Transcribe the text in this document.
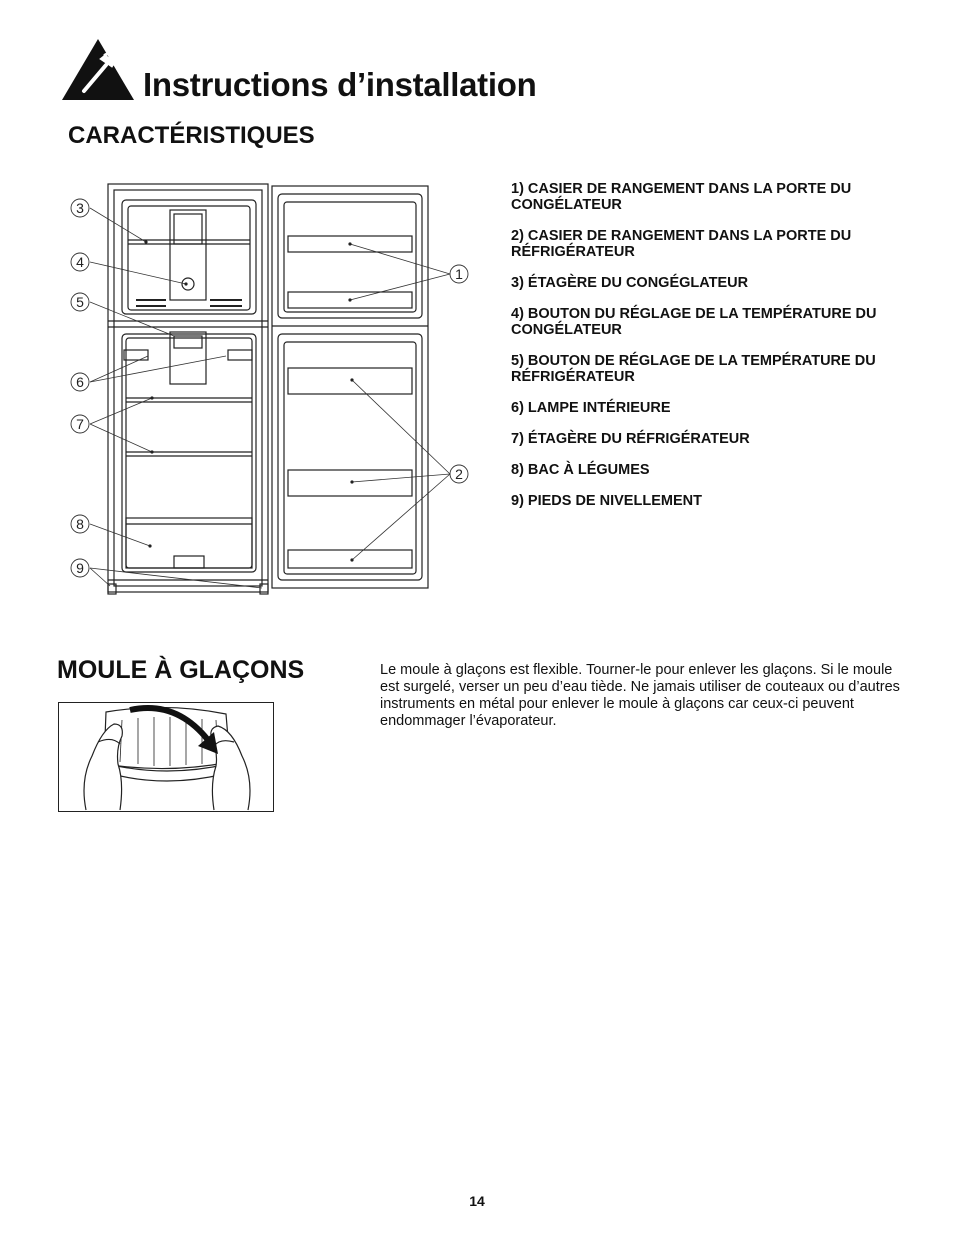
Instructions d’installation
CARACTÉRISTIQUES
3
4
5
6
7
8
9
1
2
1) CASIER DE RANGEMENT DANS LA PORTE DU CONGÉLATEUR
2) CASIER DE RANGEMENT DANS LA PORTE DU RÉFRIGÉRATEUR
3) ÉTAGÈRE DU CONGÉGLATEUR
4) BOUTON DU RÉGLAGE DE LA TEMPÉRATURE DU CONGÉLATEUR
5) BOUTON DE RÉGLAGE DE LA TEMPÉRATURE DU RÉFRIGÉRATEUR
6) LAMPE INTÉRIEURE
7) ÉTAGÈRE DU RÉFRIGÉRATEUR
8) BAC À LÉGUMES
9) PIEDS DE NIVELLEMENT
MOULE À GLAÇONS	Le moule à glaçons est flexible. Tourner-le pour enlever les glaçons. Si le moule est surgelé, verser un peu d’eau tiède. Ne jamais utiliser de couteaux ou d’autres instruments en métal pour enlever le moule à glaçons car ceux-ci peuvent endommager l’évaporateur.

14
